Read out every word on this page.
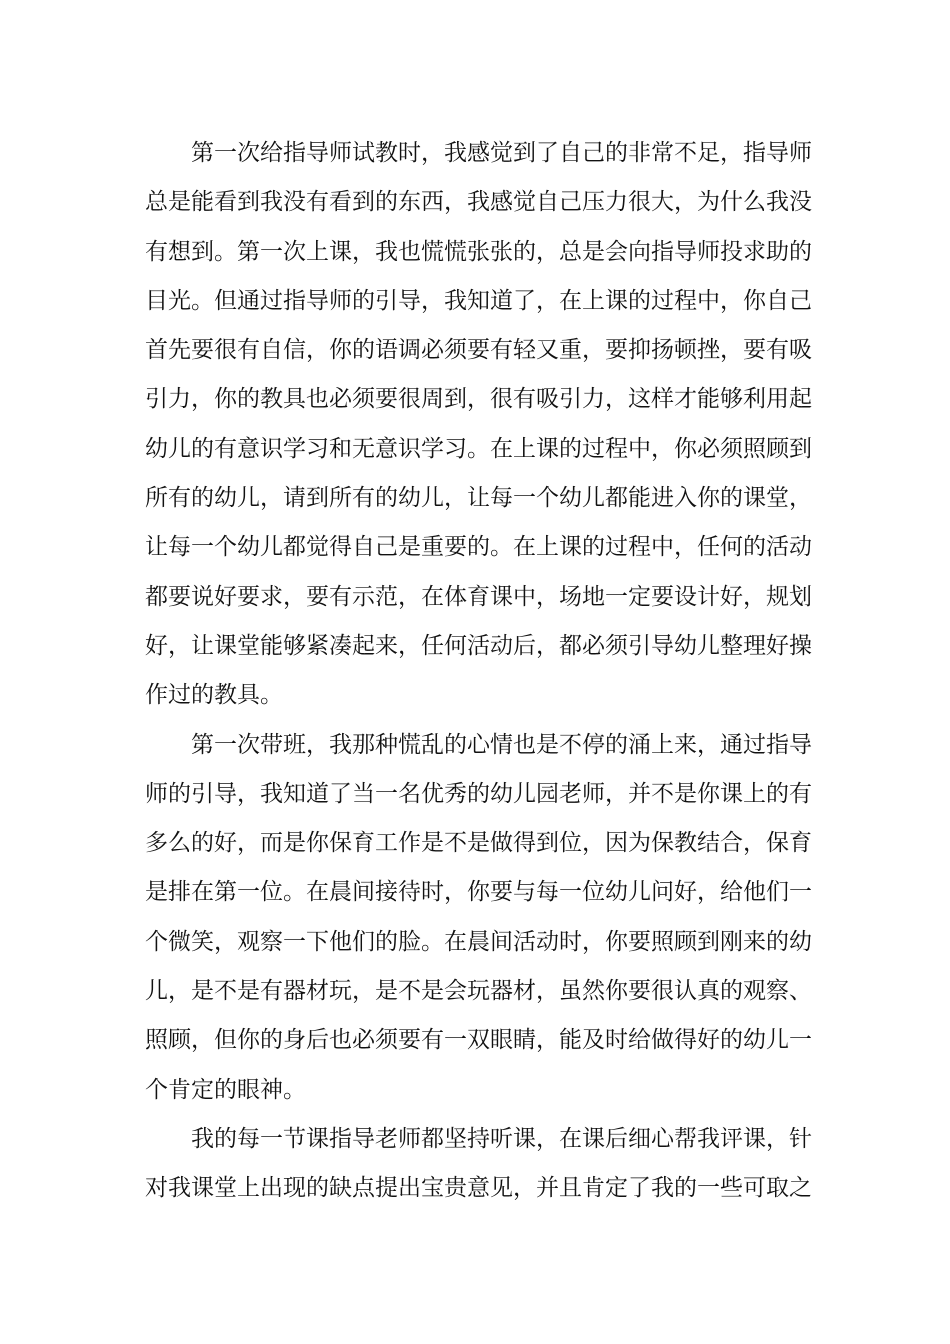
第一次给指导师试教时，我感觉到了自己的非常不足，指导师
总是能看到我没有看到的东西，我感觉自己压力很大，为什么我没
有想到。第一次上课，我也慌慌张张的，总是会向指导师投求助的
目光。但通过指导师的引导，我知道了，在上课的过程中，你自己
首先要很有自信，你的语调必须要有轻又重，要抑扬顿挫，要有吸
引力，你的教具也必须要很周到，很有吸引力，这样才能够利用起
幼儿的有意识学习和无意识学习。在上课的过程中，你必须照顾到
所有的幼儿，请到所有的幼儿，让每一个幼儿都能进入你的课堂，
让每一个幼儿都觉得自己是重要的。在上课的过程中，任何的活动
都要说好要求，要有示范，在体育课中，场地一定要设计好，规划
好，让课堂能够紧凑起来，任何活动后，都必须引导幼儿整理好操
作过的教具。
第一次带班，我那种慌乱的心情也是不停的涌上来，通过指导
师的引导，我知道了当一名优秀的幼儿园老师，并不是你课上的有
多么的好，而是你保育工作是不是做得到位，因为保教结合，保育
是排在第一位。在晨间接待时，你要与每一位幼儿问好，给他们一
个微笑，观察一下他们的脸。在晨间活动时，你要照顾到刚来的幼
儿，是不是有器材玩，是不是会玩器材，虽然你要很认真的观察、
照顾，但你的身后也必须要有一双眼睛，能及时给做得好的幼儿一
个肯定的眼神。
我的每一节课指导老师都坚持听课，在课后细心帮我评课，针
对我课堂上出现的缺点提出宝贵意见，并且肯定了我的一些可取之
